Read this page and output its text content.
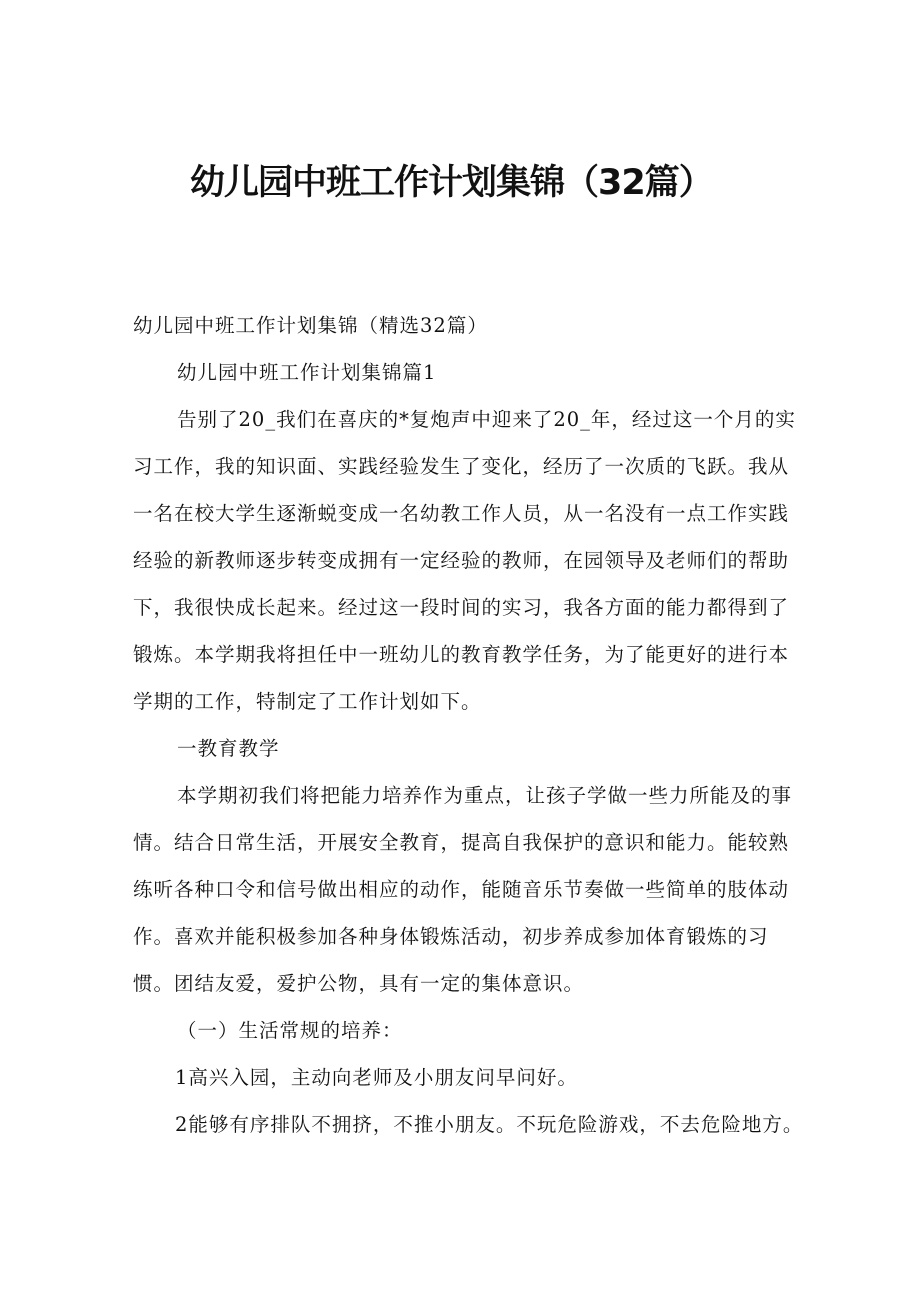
幼儿园中班工作计划集锦（32篇）

幼儿园中班工作计划集锦（精选32篇）

幼儿园中班工作计划集锦篇1

告别了20_我们在喜庆的*复炮声中迎来了20_年，经过这一个月的实

习工作，我的知识面、实践经验发生了变化，经历了一次质的飞跃。我从

一名在校大学生逐渐蜕变成一名幼教工作人员，从一名没有一点工作实践

经验的新教师逐步转变成拥有一定经验的教师，在园领导及老师们的帮助

下，我很快成长起来。经过这一段时间的实习，我各方面的能力都得到了

锻炼。本学期我将担任中一班幼儿的教育教学任务，为了能更好的进行本

学期的工作，特制定了工作计划如下。

一教育教学

本学期初我们将把能力培养作为重点，让孩子学做一些力所能及的事

情。结合日常生活，开展安全教育，提高自我保护的意识和能力。能较熟

练听各种口令和信号做出相应的动作，能随音乐节奏做一些简单的肢体动

作。喜欢并能积极参加各种身体锻炼活动，初步养成参加体育锻炼的习

惯。团结友爱，爱护公物，具有一定的集体意识。

（一）生活常规的培养：

1高兴入园，主动向老师及小朋友问早问好。

2能够有序排队不拥挤，不推小朋友。不玩危险游戏，不去危险地方。
